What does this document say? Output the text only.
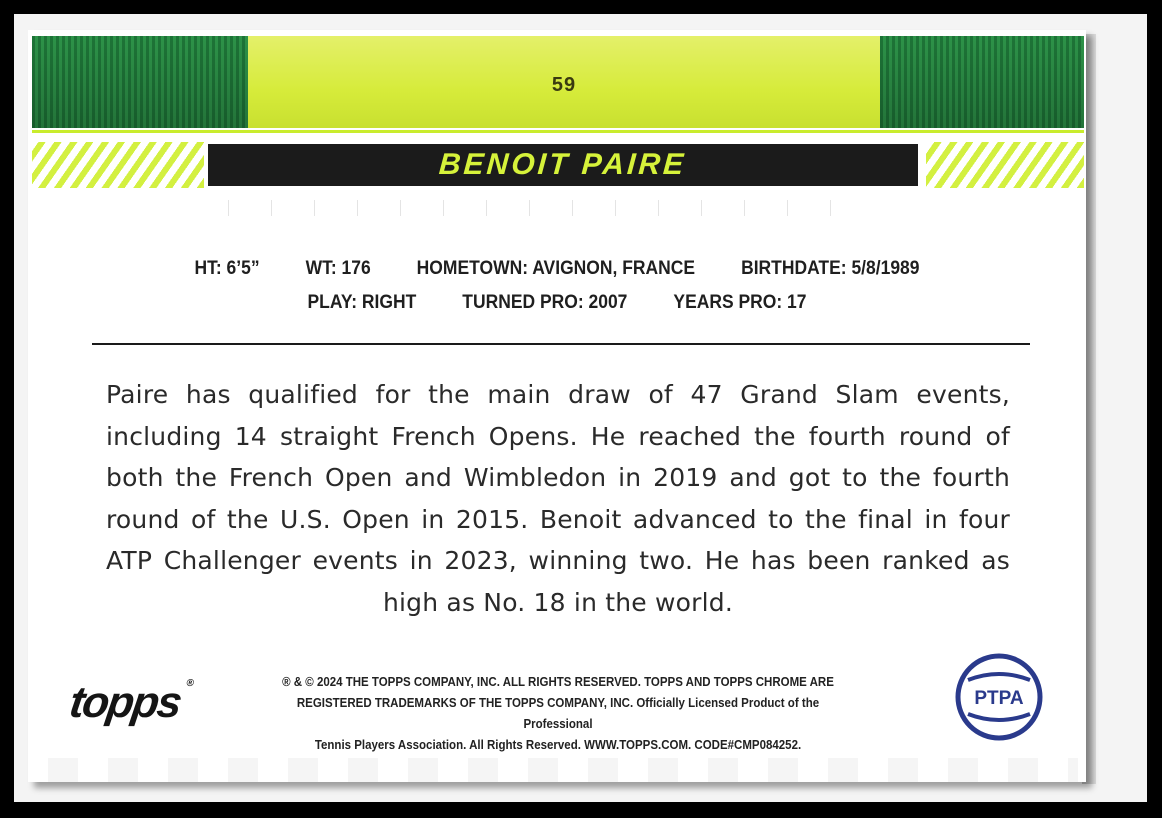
59
BENOIT PAIRE
HT: 6’5” WT: 176 HOMETOWN: AVIGNON, FRANCE BIRTHDATE: 5/8/1989
PLAY: RIGHT TURNED PRO: 2007 YEARS PRO: 17
Paire has qualified for the main draw of 47 Grand Slam events, including 14 straight French Opens. He reached the fourth round of both the French Open and Wimbledon in 2019 and got to the fourth round of the U.S. Open in 2015. Benoit advanced to the final in four ATP Challenger events in 2023, winning two. He has been ranked as high as No. 18 in the world.
topps ®	® & © 2024 THE TOPPS COMPANY, INC. ALL RIGHTS RESERVED. TOPPS AND TOPPS CHROME ARE
REGISTERED TRADEMARKS OF THE TOPPS COMPANY, INC. Officially Licensed Product of the Professional
Tennis Players Association. All Rights Reserved. WWW.TOPPS.COM. CODE#CMP084252.
PTPA
